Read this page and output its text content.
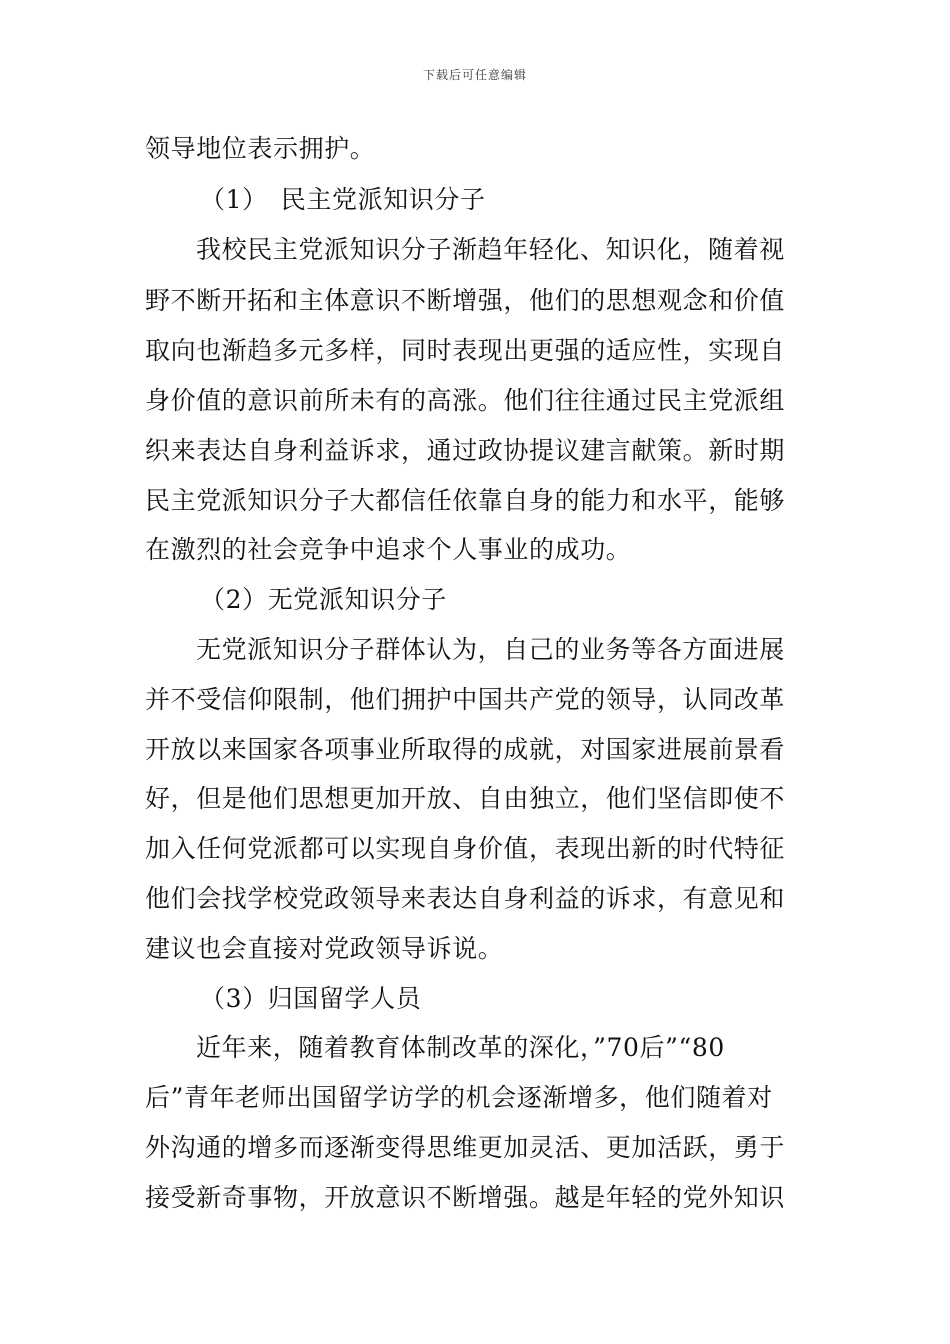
下载后可任意编辑
领导地位表示拥护。
（1）　民主党派知识分子
我校民主党派知识分子渐趋年轻化、知识化，随着视
野不断开拓和主体意识不断增强，他们的思想观念和价值
取向也渐趋多元多样，同时表现出更强的适应性，实现自
身价值的意识前所未有的高涨。他们往往通过民主党派组
织来表达自身利益诉求，通过政协提议建言献策。新时期
民主党派知识分子大都信任依靠自身的能力和水平，能够
在激烈的社会竞争中追求个人事业的成功。
（2）无党派知识分子
无党派知识分子群体认为，自己的业务等各方面进展
并不受信仰限制，他们拥护中国共产党的领导，认同改革
开放以来国家各项事业所取得的成就，对国家进展前景看
好，但是他们思想更加开放、自由独立，他们坚信即使不
加入任何党派都可以实现自身价值，表现出新的时代特征
他们会找学校党政领导来表达自身利益的诉求，有意见和
建议也会直接对党政领导诉说。
（3）归国留学人员
近年来，随着教育体制改革的深化，”70后”“80
后”青年老师出国留学访学的机会逐渐增多，他们随着对
外沟通的增多而逐渐变得思维更加灵活、更加活跃，勇于
接受新奇事物，开放意识不断增强。越是年轻的党外知识
